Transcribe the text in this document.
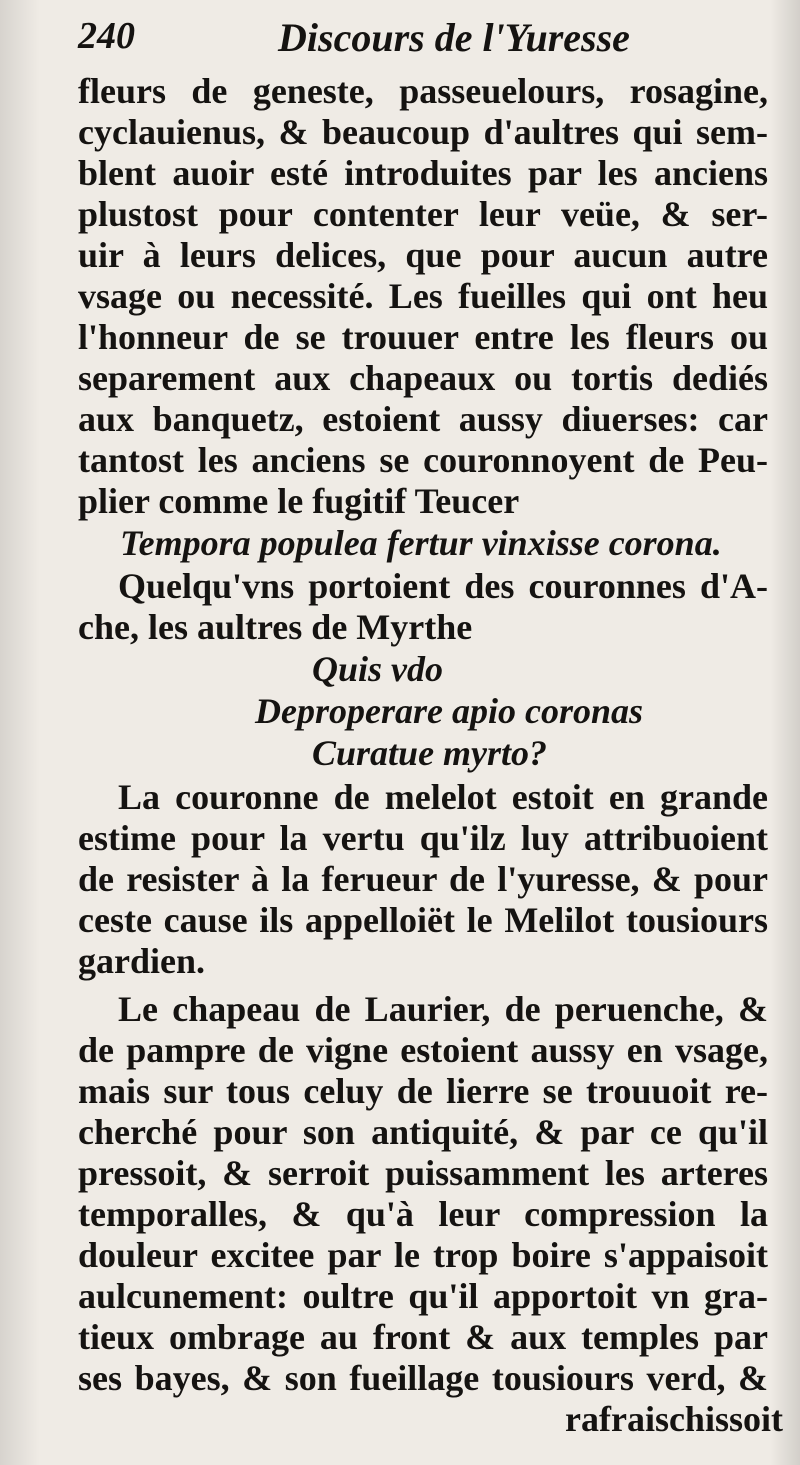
240	Discours de l'Yuresse
fleurs de geneste, passeuelours, rosagine,
cyclauienus, & beaucoup d'aultres qui sem-
blent auoir esté introduites par les anciens
plustost pour contenter leur veüe, & ser-
uir à leurs delices, que pour aucun autre
vsage ou necessité. Les fueilles qui ont heu
l'honneur de se trouuer entre les fleurs ou
separement aux chapeaux ou tortis dediés
aux banquetz, estoient aussy diuerses: car
tantost les anciens se couronnoyent de Peu-
plier comme le fugitif Teucer
Tempora populea fertur vinxisse corona.
Quelqu'vns portoient des couronnes d'A-
che, les aultres de Myrthe
Quis vdo
Deproperare apio coronas
Curatue myrto?
La couronne de melelot estoit en grande
estime pour la vertu qu'ilz luy attribuoient
de resister à la ferueur de l'yuresse, & pour
ceste cause ils appelloiët le Melilot tousiours
gardien.
Le chapeau de Laurier, de peruenche, &
de pampre de vigne estoient aussy en vsage,
mais sur tous celuy de lierre se trouuoit re-
cherché pour son antiquité, & par ce qu'il
pressoit, & serroit puissamment les arteres
temporalles, & qu'à leur compression la
douleur excitee par le trop boire s'appaisoit
aulcunement: oultre qu'il apportoit vn gra-
tieux ombrage au front & aux temples par
ses bayes, & son fueillage tousiours verd, &
rafraischissoit
